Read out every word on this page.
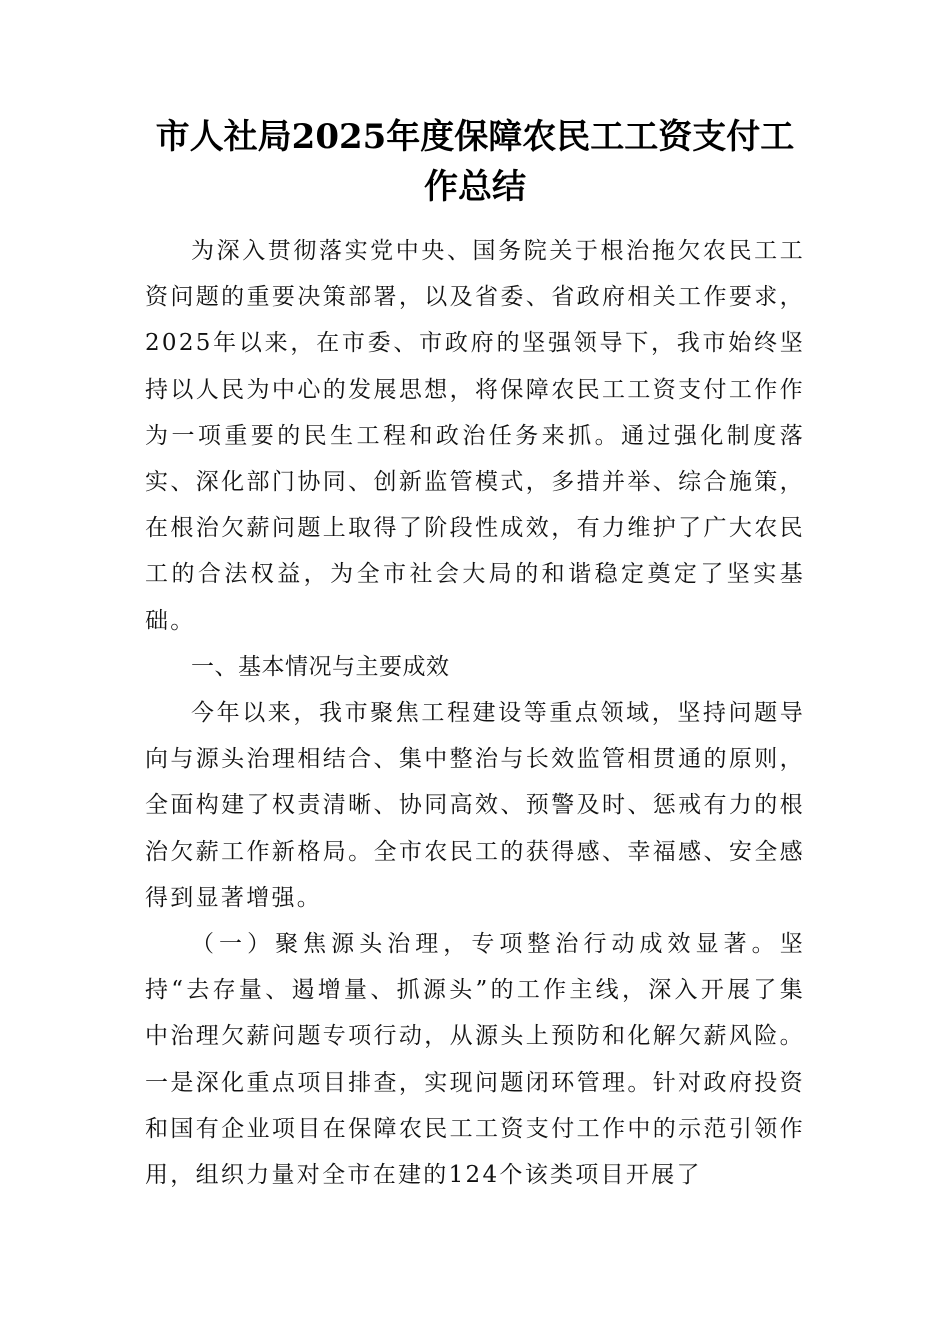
市人社局2025年度保障农民工工资支付工作总结

为深入贯彻落实党中央、国务院关于根治拖欠农民工工资问题的重要决策部署，以及省委、省政府相关工作要求，2025年以来，在市委、市政府的坚强领导下，我市始终坚持以人民为中心的发展思想，将保障农民工工资支付工作作为一项重要的民生工程和政治任务来抓。通过强化制度落实、深化部门协同、创新监管模式，多措并举、综合施策，在根治欠薪问题上取得了阶段性成效，有力维护了广大农民工的合法权益，为全市社会大局的和谐稳定奠定了坚实基础。

一、基本情况与主要成效

今年以来，我市聚焦工程建设等重点领域，坚持问题导向与源头治理相结合、集中整治与长效监管相贯通的原则，全面构建了权责清晰、协同高效、预警及时、惩戒有力的根治欠薪工作新格局。全市农民工的获得感、幸福感、安全感得到显著增强。

（一）聚焦源头治理，专项整治行动成效显著。坚持“去存量、遏增量、抓源头”的工作主线，深入开展了集中治理欠薪问题专项行动，从源头上预防和化解欠薪风险。一是深化重点项目排查，实现问题闭环管理。针对政府投资和国有企业项目在保障农民工工资支付工作中的示范引领作用，组织力量对全市在建的124个该类项目开展了
